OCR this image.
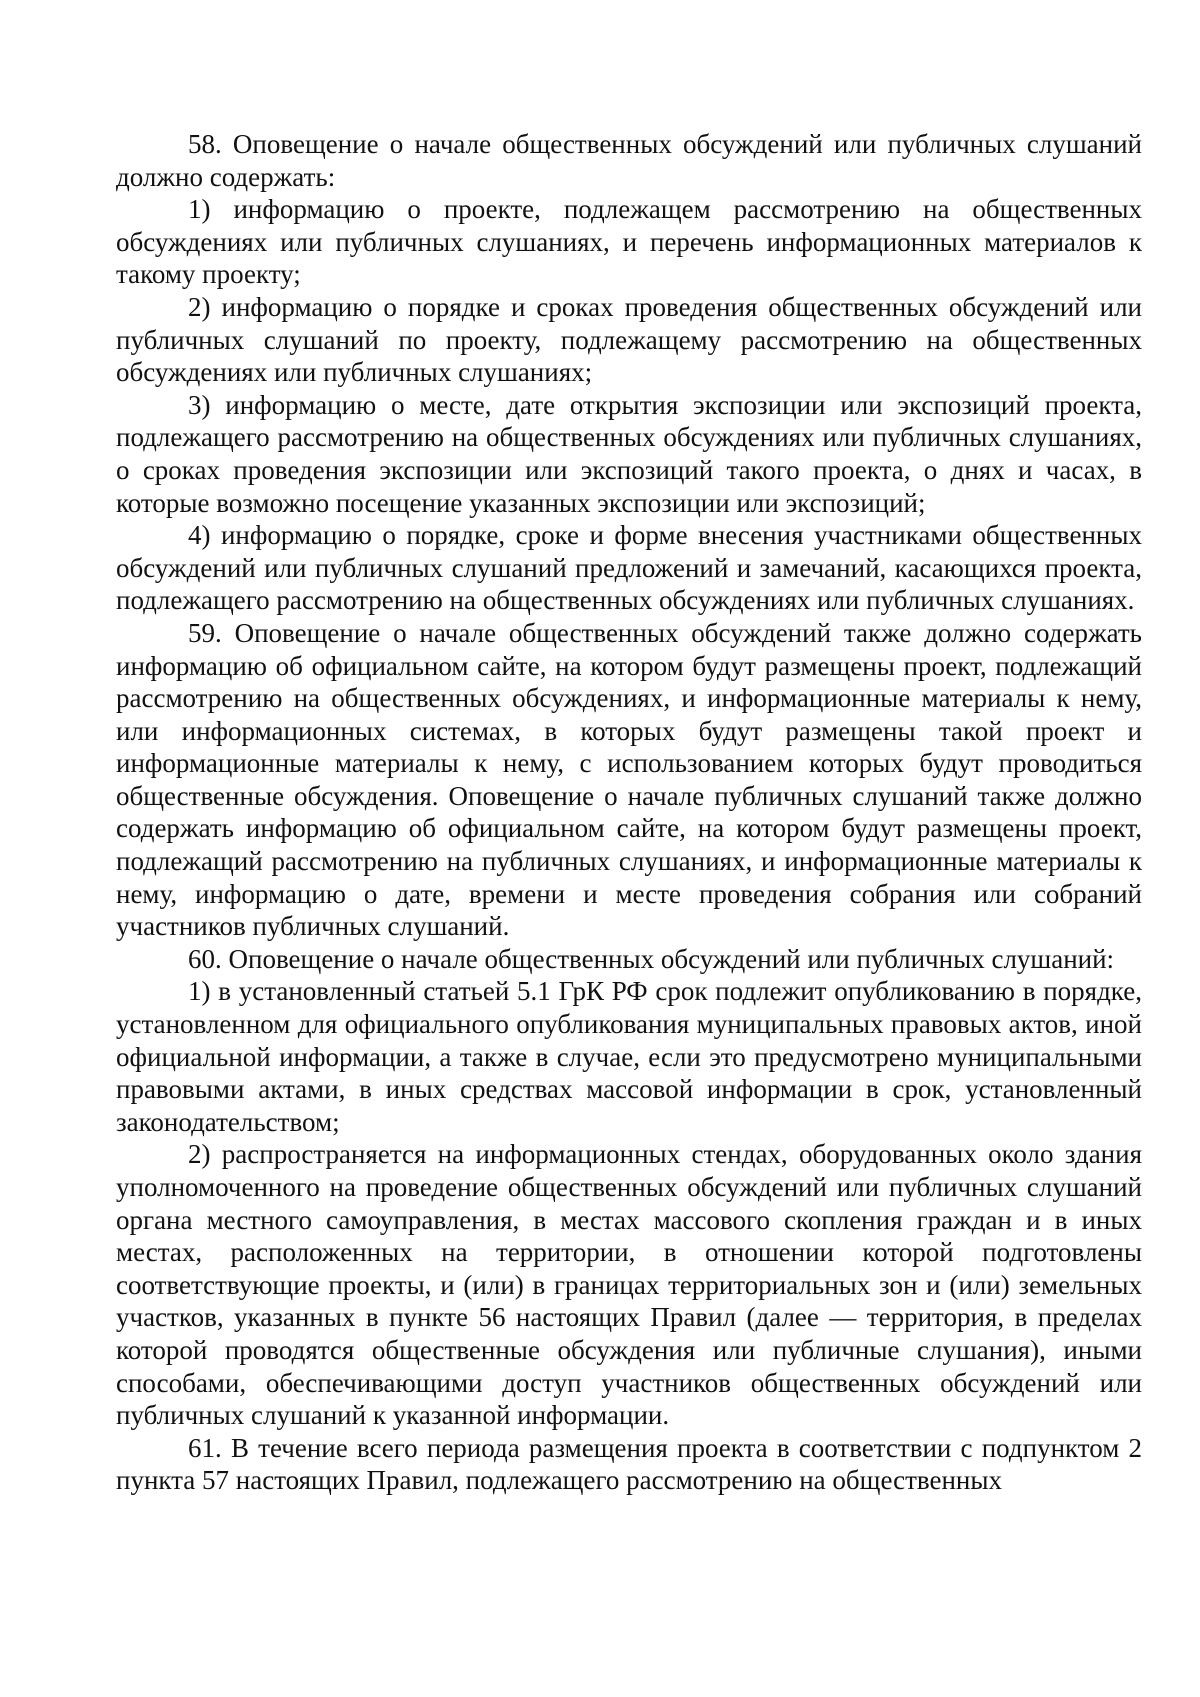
58. Оповещение о начале общественных обсуждений или публичных слушаний должно содержать:

1) информацию о проекте, подлежащем рассмотрению на общественных обсуждениях или публичных слушаниях, и перечень информационных материалов к такому проекту;

2) информацию о порядке и сроках проведения общественных обсуждений или публичных слушаний по проекту, подлежащему рассмотрению на общественных обсуждениях или публичных слушаниях;

3) информацию о месте, дате открытия экспозиции или экспозиций проекта, подлежащего рассмотрению на общественных обсуждениях или публичных слушаниях, о сроках проведения экспозиции или экспозиций такого проекта, о днях и часах, в которые возможно посещение указанных экспозиции или экспозиций;

4) информацию о порядке, сроке и форме внесения участниками общественных обсуждений или публичных слушаний предложений и замечаний, касающихся проекта, подлежащего рассмотрению на общественных обсуждениях или публичных слушаниях.

59. Оповещение о начале общественных обсуждений также должно содержать информацию об официальном сайте, на котором будут размещены проект, подлежащий рассмотрению на общественных обсуждениях, и информационные материалы к нему, или информационных системах, в которых будут размещены такой проект и информационные материалы к нему, с использованием которых будут проводиться общественные обсуждения. Оповещение о начале публичных слушаний также должно содержать информацию об официальном сайте, на котором будут размещены проект, подлежащий рассмотрению на публичных слушаниях, и информационные материалы к нему, информацию о дате, времени и месте проведения собрания или собраний участников публичных слушаний.

60. Оповещение о начале общественных обсуждений или публичных слушаний:

1) в установленный статьей 5.1 ГрК РФ срок подлежит опубликованию в порядке, установленном для официального опубликования муниципальных правовых актов, иной официальной информации, а также в случае, если это предусмотрено муниципальными правовыми актами, в иных средствах массовой информации в срок, установленный законодательством;

2) распространяется на информационных стендах, оборудованных около здания уполномоченного на проведение общественных обсуждений или публичных слушаний органа местного самоуправления, в местах массового скопления граждан и в иных местах, расположенных на территории, в отношении которой подготовлены соответствующие проекты, и (или) в границах территориальных зон и (или) земельных участков, указанных в пункте 56 настоящих Правил (далее — территория, в пределах которой проводятся общественные обсуждения или публичные слушания), иными способами, обеспечивающими доступ участников общественных обсуждений или публичных слушаний к указанной информации.

61. В течение всего периода размещения проекта в соответствии с подпунктом 2 пункта 57 настоящих Правил, подлежащего рассмотрению на общественных
